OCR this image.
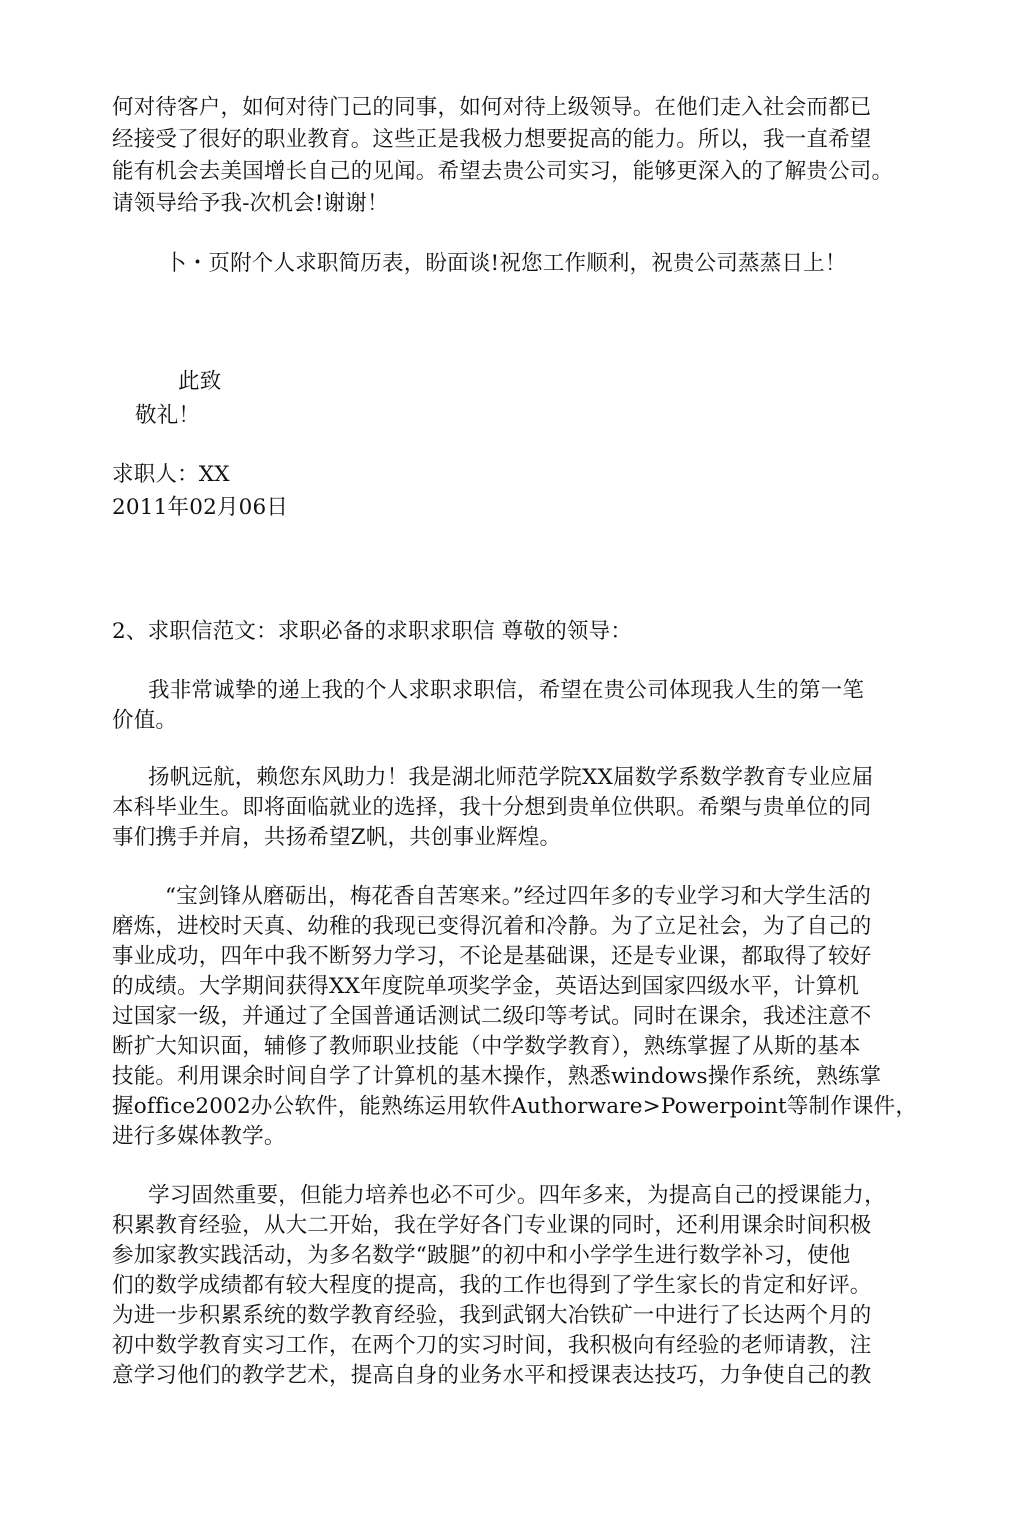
何对待客户，如何对待门己的同事，如何对待上级领导。在他们走入社会而都已
经接受了很好的职业教育。这些正是我极力想要捉高的能力。所以，我一直希望
能有机会去美国增长自己的见闻。希望去贵公司实习，能够更深入的了解贵公司。
请领导给予我-次机会!谢谢！
卜・页附个人求职简历表，盼面谈!祝您工作顺利，祝贵公司蒸蒸日上！
此致
敬礼！
求职人：XX
2011年02月06日
2、求职信范文：求职必备的求职求职信 尊敬的领导：
我非常诚挚的递上我的个人求职求职信，希望在贵公司体现我人生的第一笔
价值。
扬帆远航，赖您东风助力！我是湖北师范学院XX届数学系数学教育专业应届
本科毕业生。即将面临就业的选择，我十分想到贵单位供职。希槊与贵单位的同
事们携手并肩，共扬希望Z帆，共创事业辉煌。
“宝剑锋从磨砺出，梅花香自苦寒来。”经过四年多的专业学习和大学生活的
磨炼，进校时天真、幼稚的我现已变得沉着和冷静。为了立足社会，为了自己的
事业成功，四年中我不断努力学习，不论是基础课，还是专业课，都取得了较好
的成绩。大学期间获得XX年度院单项奖学金，英语达到国家四级水平，计算机
过国家一级，并通过了全国普通话测试二级印等考试。同时在课余，我述注意不
断扩大知识面，辅修了教师职业技能（中学数学教育），熟练掌握了从斯的基本
技能。利用课余时间自学了计算机的基木操作，熟悉windows操作系统，熟练掌
握office2002办公软件，能熟练运用软件Authorware>Powerpoint等制作课件，
进行多媒体教学。
学习固然重要，但能力培养也必不可少。四年多来，为提高自己的授课能力，
积累教育经验，从大二开始，我在学好各门专业课的同时，还利用课余时间积极
参加家教实践活动，为多名数学“跛腿”的初中和小学学生进行数学补习，使他
们的数学成绩都有较大程度的提高，我的工作也得到了学生家长的肯定和好评。
为进一步积累系统的数学教育经验，我到武钢大冶铁矿一中进行了长达两个月的
初中数学教育实习工作，在两个刀的实习时间，我积极向有经验的老师请教，注
意学习他们的教学艺术，提高自身的业务水平和授课表达技巧，力争使自己的教
